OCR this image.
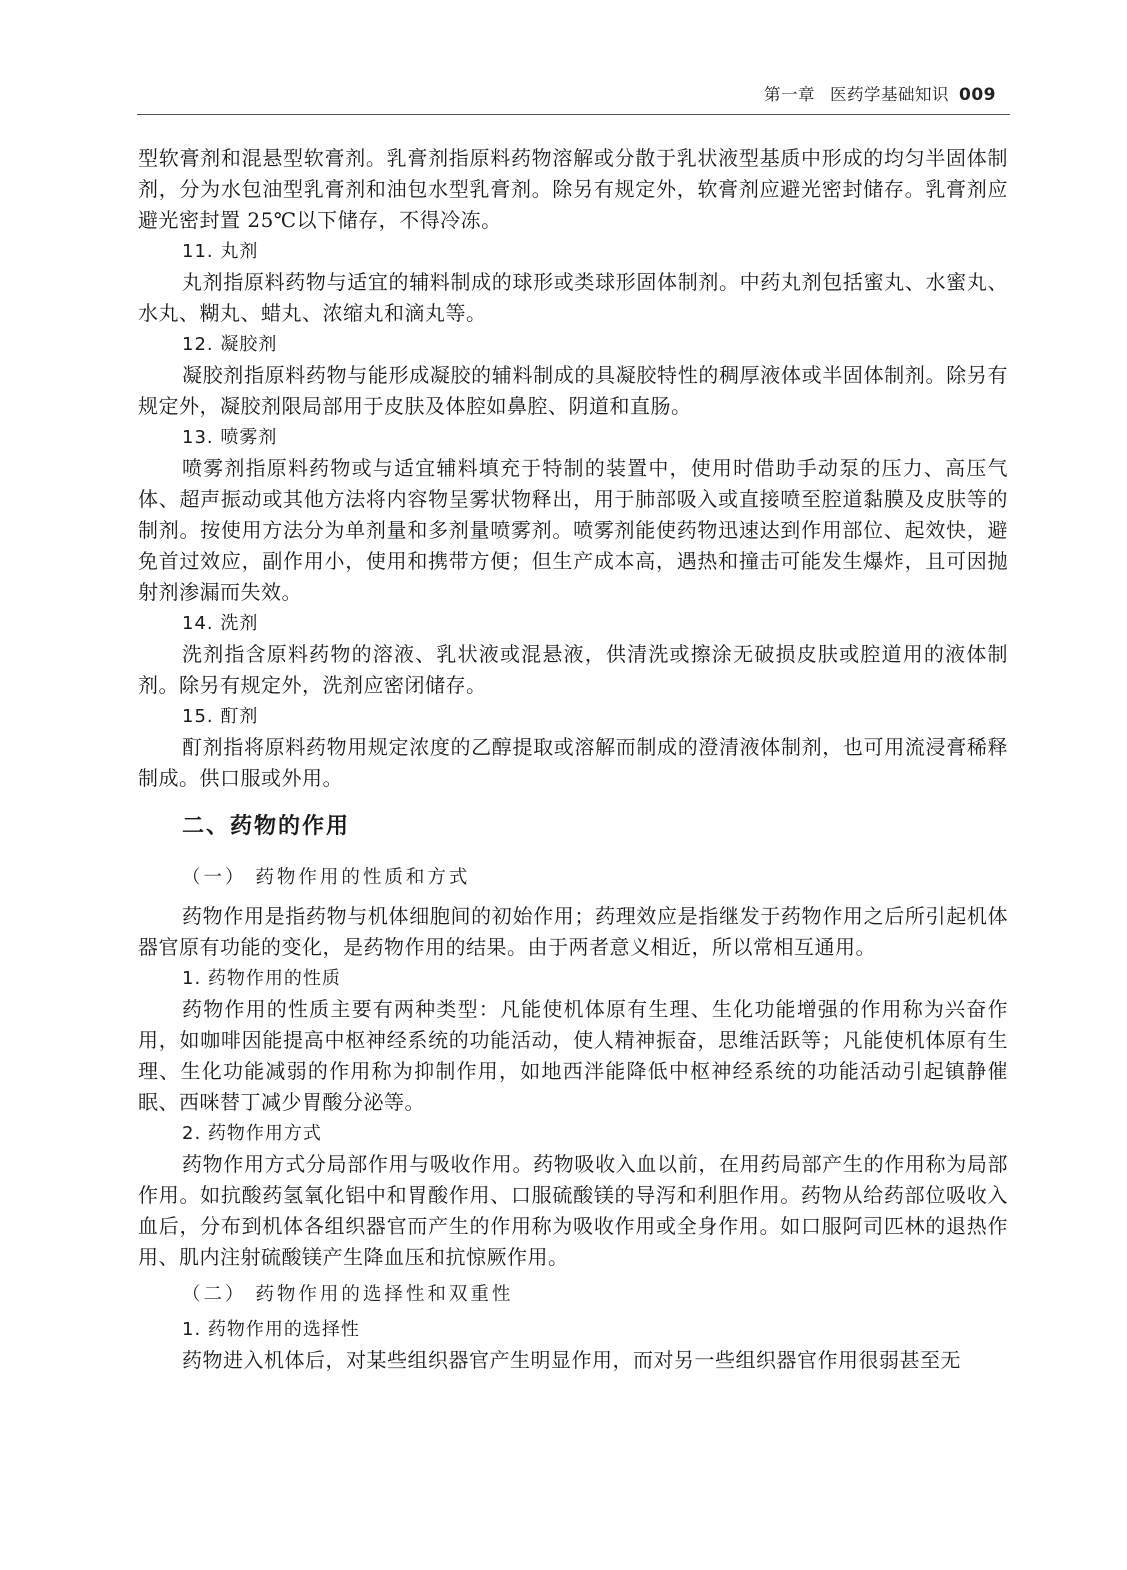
第一章 医药学基础知识 009

型软膏剂和混悬型软膏剂。乳膏剂指原料药物溶解或分散于乳状液型基质中形成的均匀半固体制剂，分为水包油型乳膏剂和油包水型乳膏剂。除另有规定外，软膏剂应避光密封储存。乳膏剂应避光密封置 25℃以下储存，不得冷冻。

11. 丸剂

丸剂指原料药物与适宜的辅料制成的球形或类球形固体制剂。中药丸剂包括蜜丸、水蜜丸、水丸、糊丸、蜡丸、浓缩丸和滴丸等。

12. 凝胶剂

凝胶剂指原料药物与能形成凝胶的辅料制成的具凝胶特性的稠厚液体或半固体制剂。除另有规定外，凝胶剂限局部用于皮肤及体腔如鼻腔、阴道和直肠。

13. 喷雾剂

喷雾剂指原料药物或与适宜辅料填充于特制的装置中，使用时借助手动泵的压力、高压气体、超声振动或其他方法将内容物呈雾状物释出，用于肺部吸入或直接喷至腔道黏膜及皮肤等的制剂。按使用方法分为单剂量和多剂量喷雾剂。喷雾剂能使药物迅速达到作用部位、起效快，避免首过效应，副作用小，使用和携带方便；但生产成本高，遇热和撞击可能发生爆炸，且可因抛射剂渗漏而失效。

14. 洗剂

洗剂指含原料药物的溶液、乳状液或混悬液，供清洗或擦涂无破损皮肤或腔道用的液体制剂。除另有规定外，洗剂应密闭储存。

15. 酊剂

酊剂指将原料药物用规定浓度的乙醇提取或溶解而制成的澄清液体制剂，也可用流浸膏稀释制成。供口服或外用。

二、药物的作用
（一） 药物作用的性质和方式

药物作用是指药物与机体细胞间的初始作用；药理效应是指继发于药物作用之后所引起机体器官原有功能的变化，是药物作用的结果。由于两者意义相近，所以常相互通用。

1. 药物作用的性质

药物作用的性质主要有两种类型：凡能使机体原有生理、生化功能增强的作用称为兴奋作用，如咖啡因能提高中枢神经系统的功能活动，使人精神振奋，思维活跃等；凡能使机体原有生理、生化功能减弱的作用称为抑制作用，如地西泮能降低中枢神经系统的功能活动引起镇静催眠、西咪替丁减少胃酸分泌等。

2. 药物作用方式

药物作用方式分局部作用与吸收作用。药物吸收入血以前，在用药局部产生的作用称为局部作用。如抗酸药氢氧化铝中和胃酸作用、口服硫酸镁的导泻和利胆作用。药物从给药部位吸收入血后，分布到机体各组织器官而产生的作用称为吸收作用或全身作用。如口服阿司匹林的退热作用、肌内注射硫酸镁产生降血压和抗惊厥作用。

（二） 药物作用的选择性和双重性
1. 药物作用的选择性

药物进入机体后，对某些组织器官产生明显作用，而对另一些组织器官作用很弱甚至无
